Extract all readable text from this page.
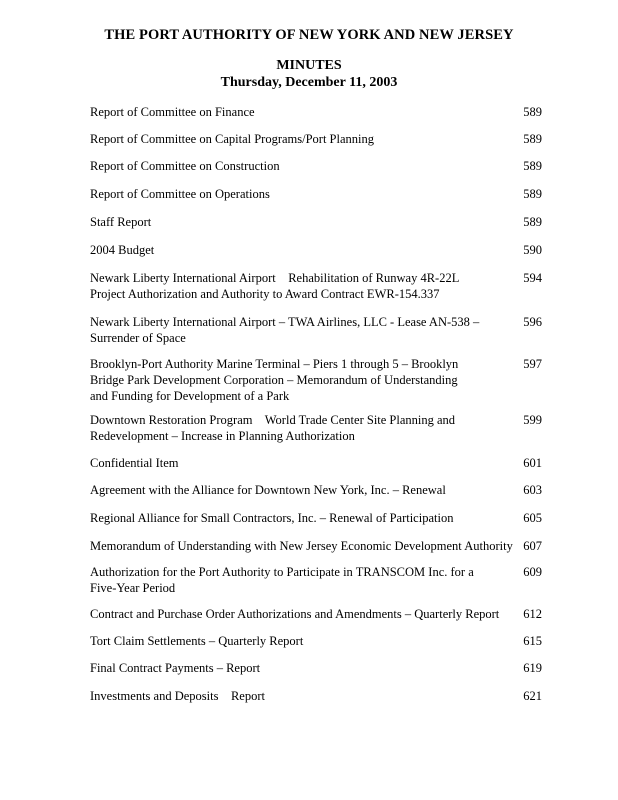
THE PORT AUTHORITY OF NEW YORK AND NEW JERSEY
MINUTES
Thursday, December 11, 2003
Report of Committee on Finance	589
Report of Committee on Capital Programs/Port Planning	589
Report of Committee on Construction	589
Report of Committee on Operations	589
Staff Report	589
2004 Budget	590
Newark Liberty International Airport    Rehabilitation of Runway 4R-22L
Project Authorization and Authority to Award Contract EWR-154.337
594
Newark Liberty International Airport – TWA Airlines, LLC - Lease AN-538 –
Surrender of Space
596
Brooklyn-Port Authority Marine Terminal – Piers 1 through 5 – Brooklyn
Bridge Park Development Corporation – Memorandum of Understanding
and Funding for Development of a Park
597
Downtown Restoration Program    World Trade Center Site Planning and
Redevelopment – Increase in Planning Authorization
599
Confidential Item	601
Agreement with the Alliance for Downtown New York, Inc. – Renewal	603
Regional Alliance for Small Contractors, Inc. – Renewal of Participation	605
Memorandum of Understanding with New Jersey Economic Development Authority 607
Authorization for the Port Authority to Participate in TRANSCOM Inc. for a
Five-Year Period
609
Contract and Purchase Order Authorizations and Amendments – Quarterly Report	612
Tort Claim Settlements – Quarterly Report	615
Final Contract Payments – Report	619
Investments and Deposits    Report	621
